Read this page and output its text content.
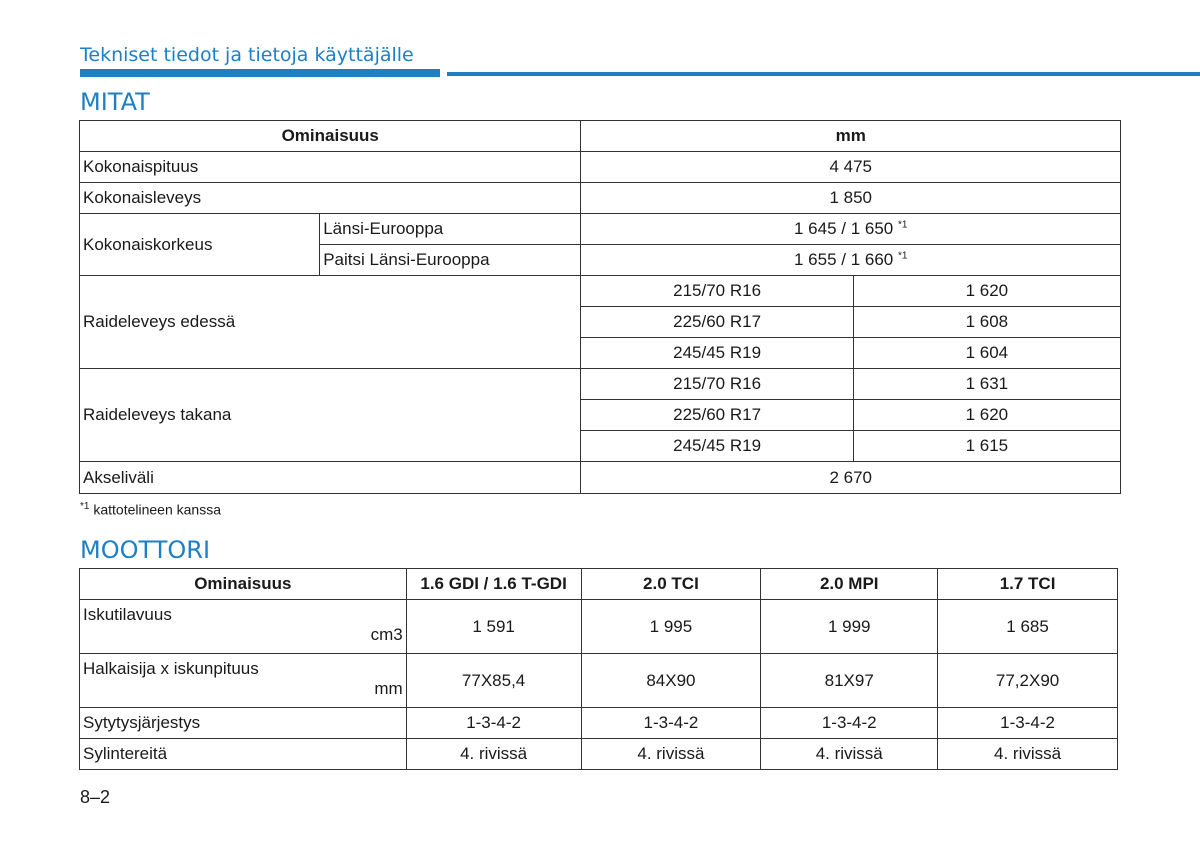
Tekniset tiedot ja tietoja käyttäjälle
MITAT
Ominaisuus		mm	
Kokonaispituus		4 475	
Kokonaisleveys		1 850	
Kokonaiskorkeus	Länsi-Eurooppa	1 645 / 1 650 $^{*1}$
	Paitsi Länsi-Eurooppa	1 655 / 1 660 $^{*1}$
Raideleveys edessä		215/70 R16	1 620
		225/60 R17	1 608
		245/45 R19	1 604
Raideleveys takana		215/70 R16	1 631
		225/60 R17	1 620
		245/45 R19	1 615
Akseliväli		2 670	
$^{*1}$ kattotelineen kanssa
MOOTTORI
Ominaisuus	1.6 GDI / 1.6 T-GDI	2.0 TCI	2.0 MPI	1.7 TCI
Iskutilavuus
cm3	1 591	1 995	1 999	1 685
Halkaisija x iskunpituus
mm	77X85,4	84X90	81X97	77,2X90
Sytytysjärjestys	1-3-4-2	1-3-4-2	1-3-4-2	1-3-4-2
Sylintereitä	4. rivissä	4. rivissä	4. rivissä	4. rivissä
8–2
